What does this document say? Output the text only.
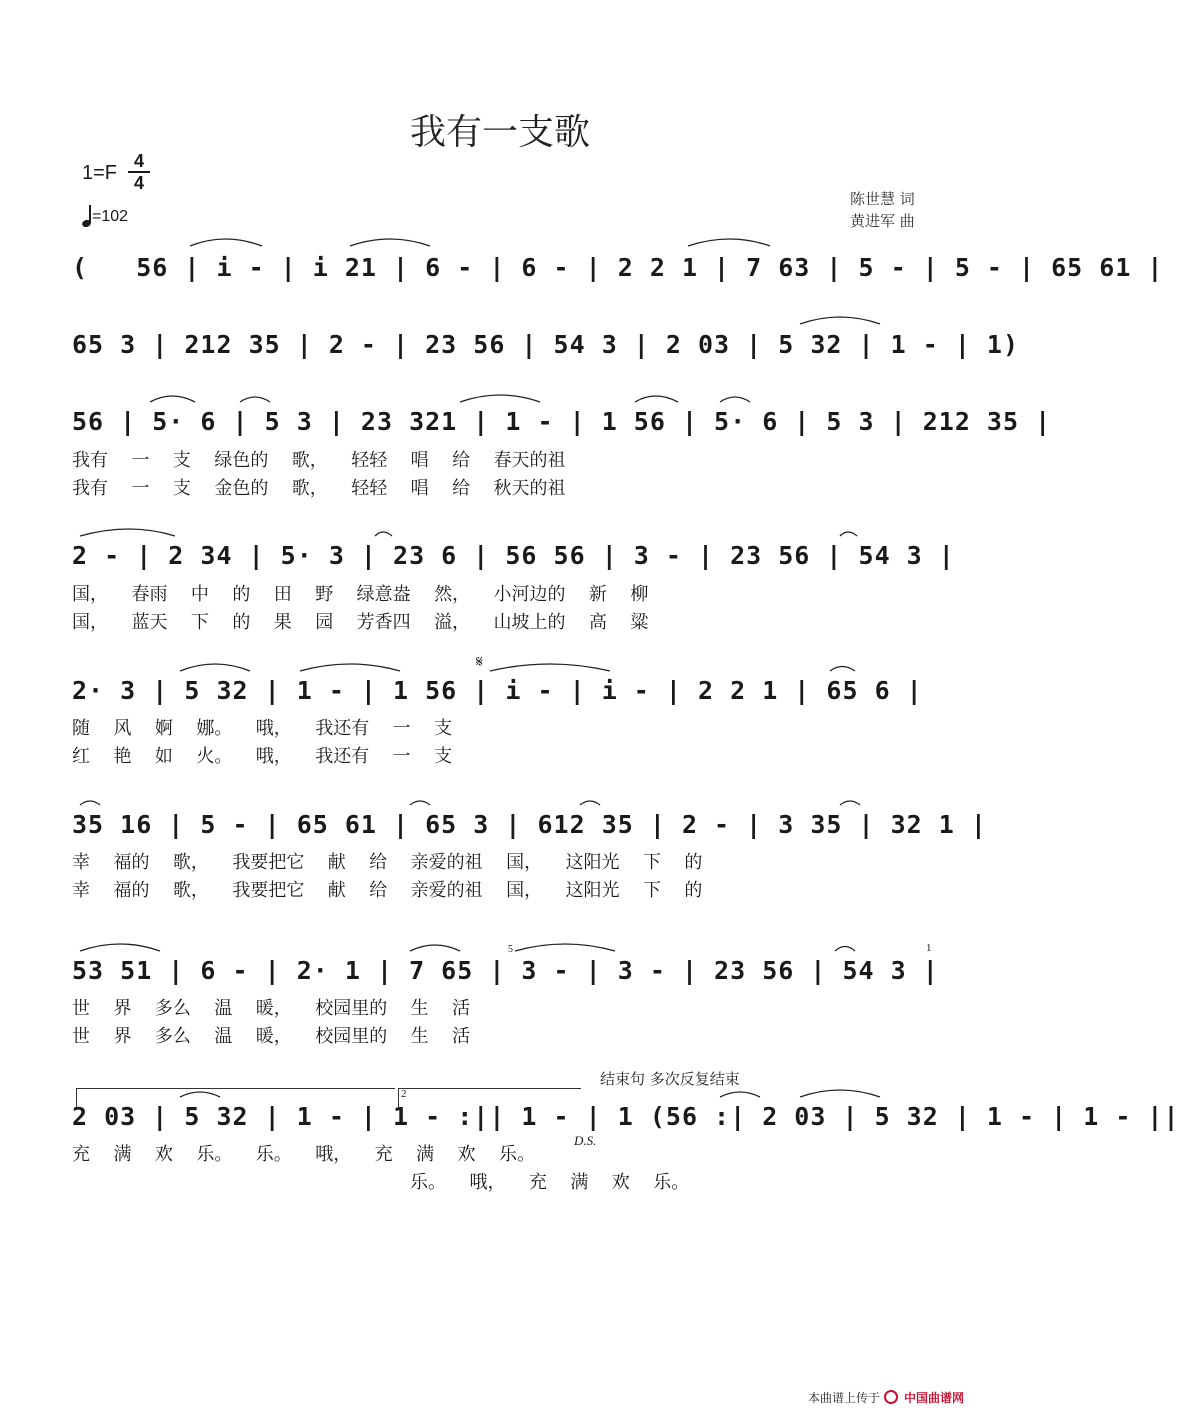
我有一支歌
1=F
4
4
=102
陈世慧 词
黄进军 曲
(   56 | i - | i 21 | 6 - | 6 - | 2 2 1 | 7 63 | 5 - | 5 - | 65 61 |
65 3 | 212 35 | 2 - | 23 56 | 54 3 | 2 03 | 5 32 | 1 - | 1)
56 | 5· 6 | 5 3 | 23 321 | 1 - | 1 56 | 5· 6 | 5 3 | 212 35 |
我有  一  支  绿色的  歌，  轻轻  唱  给  春天的祖
我有  一  支  金色的  歌，  轻轻  唱  给  秋天的祖
2 - | 2 34 | 5· 3 | 23 6 | 56 56 | 3 - | 23 56 | 54 3 |
国，  春雨  中  的  田  野  绿意盎  然，  小河边的  新  柳
国，  蓝天  下  的  果  园  芳香四  溢，  山坡上的  高  粱
𝄋
2· 3 | 5 32 | 1 - | 1 56 | i - | i - | 2 2 1 | 65 6 |
随  风  婀  娜。  哦，  我还有  一  支
红  艳  如  火。  哦，  我还有  一  支
35 16 | 5 - | 65 61 | 65 3 | 612 35 | 2 - | 3 35 | 32 1 |
幸  福的  歌，  我要把它  献  给  亲爱的祖  国，  这阳光  下  的
幸  福的  歌，  我要把它  献  给  亲爱的祖  国，  这阳光  下  的
5	1
53 51 | 6 - | 2· 1 | 7 65 | 3 - | 3 - | 23 56 | 54 3 |
世  界  多么  温  暖，  校园里的  生  活
世  界  多么  温  暖，  校园里的  生  活
结束句 多次反复结束
2
2 03 | 5 32 | 1 - | 1 - :|| 1 - | 1 (56 :| 2 03 | 5 32 | 1 - | 1 - ||
D.S.
充  满  欢  乐。  乐。  哦，  充  满  欢  乐。
乐。  哦，  充  满  欢  乐。
本曲谱上传于 中国曲谱网
